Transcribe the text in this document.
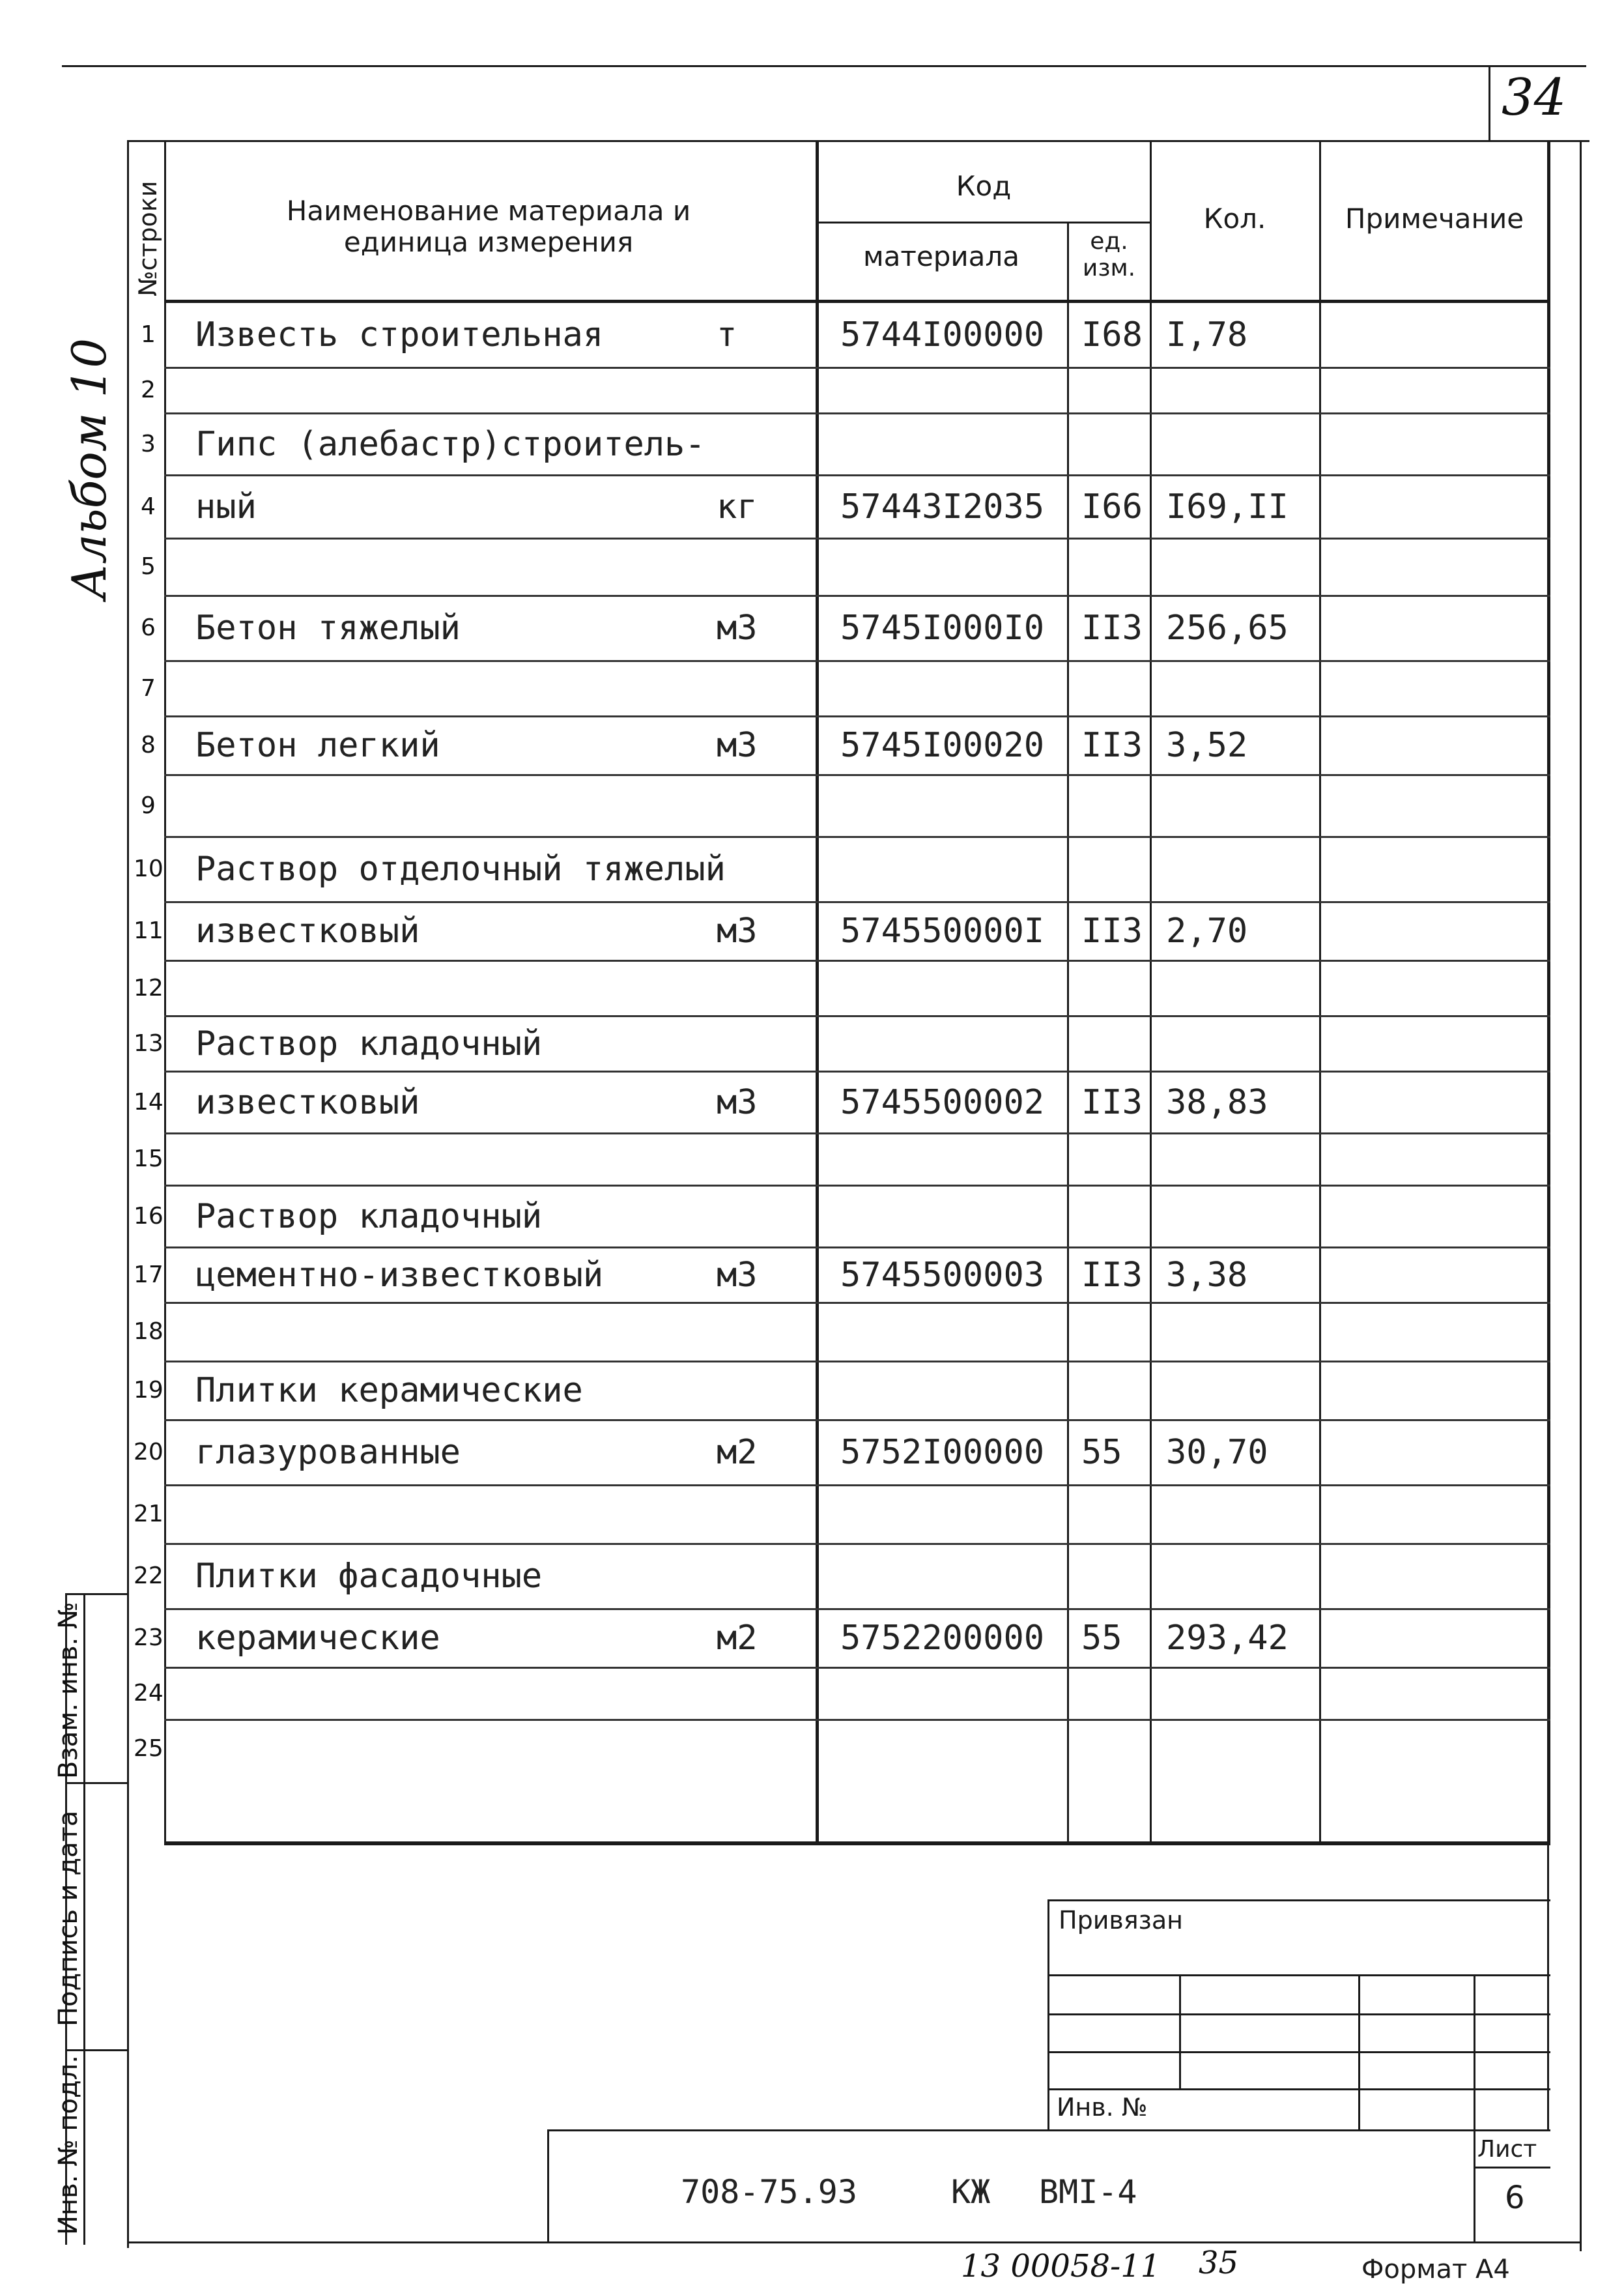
34
Альбом 10
№строки	Наименование материала и единица измерения
Код
материала	ед. изм.
Кол.	Примечание
1 Известь строительная	т	5744I00000 I68 I,78
2
3 Гипс (алебастр)строитель-
4 ный	кг 57443I2035 I66 I69,II
5
6 Бетон тяжелый	м3 5745I000I0 II3 256,65
7
8 Бетон легкий	м3 5745I00020 II3 3,52
9
10 Раствор отделочный тяжелый
11 известковый	м3 574550000I II3 2,70
12
13 Раствор кладочный
14 известковый	м3 5745500002 II3 38,83
15
16 Раствор кладочный
17 цементно-известковый	м3 5745500003 II3 3,38
18
19 Плитки керамические
20 глазурованные	м2 5752I00000 55 30,70
21
22 Плитки фасадочные
23 керамические	м2 5752200000 55 293,42
24
25
Взам. инв. №
Подпись и дата
Инв. № подл.
Привязан
Инв. №
708-75.93	КЖ ВМI-4
Лист
6
13 00058-11 35	Формат А4
